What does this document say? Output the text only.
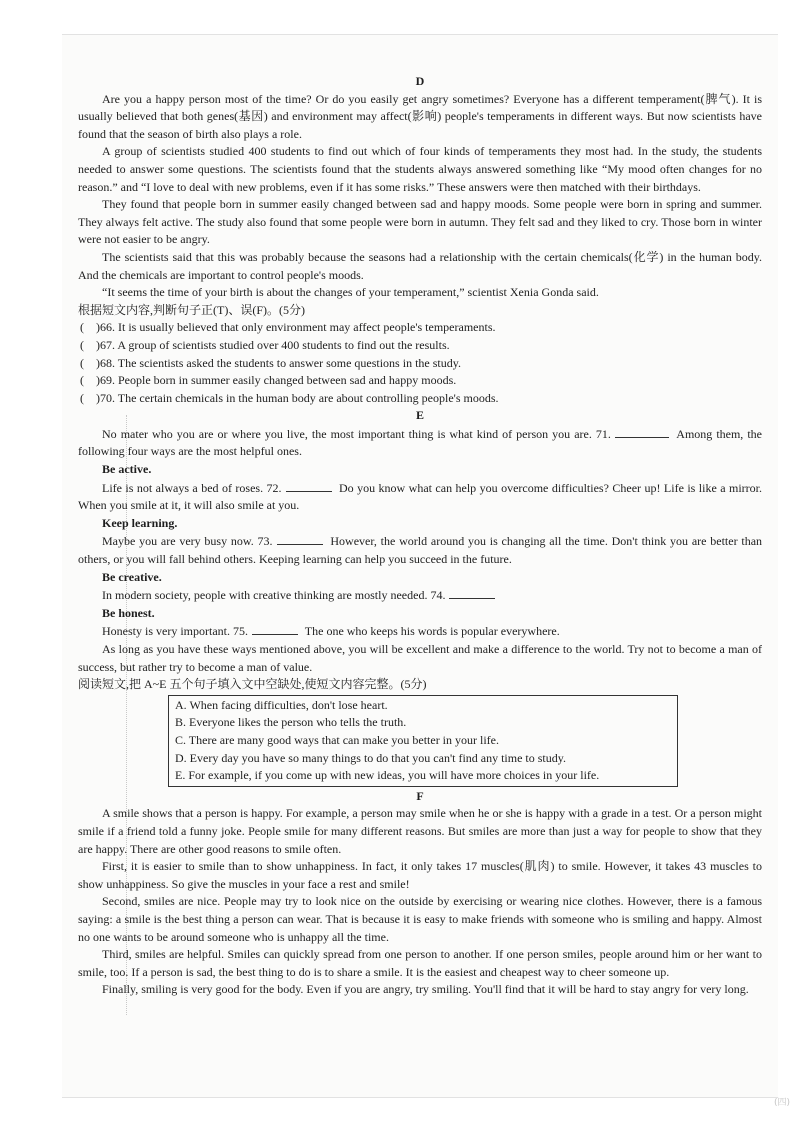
D

Are you a happy person most of the time? Or do you easily get angry sometimes? Everyone has a different temperament(脾气). It is usually believed that both genes(基因) and environment may affect(影响) people's temperaments in different ways. But now scientists have found that the season of birth also plays a role.

A group of scientists studied 400 students to find out which of four kinds of temperaments they most had. In the study, the students needed to answer some questions. The scientists found that the students always answered something like “My mood often changes for no reason.” and “I love to deal with new problems, even if it has some risks.” These answers were then matched with their birthdays.

They found that people born in summer easily changed between sad and happy moods. Some people were born in spring and summer. They always felt active. The study also found that some people were born in autumn. They felt sad and they liked to cry. Those born in winter were not easier to be angry.

The scientists said that this was probably because the seasons had a relationship with the certain chemicals(化学) in the human body. And the chemicals are important to control people's moods.

“It seems the time of your birth is about the changes of your temperament,” scientist Xenia Gonda said.

根据短文内容,判断句子正(T)、误(F)。(5分)

(　)66. It is usually believed that only environment may affect people's temperaments.

(　)67. A group of scientists studied over 400 students to find out the results.

(　)68. The scientists asked the students to answer some questions in the study.

(　)69. People born in summer easily changed between sad and happy moods.

(　)70. The certain chemicals in the human body are about controlling people's moods.

E

No mater who you are or where you live, the most important thing is what kind of person you are. 71.	Among them, the following four ways are the most helpful ones.

Be active.

Life is not always a bed of roses. 72.	Do you know what can help you overcome difficulties? Cheer up! Life is like a mirror. When you smile at it, it will also smile at you.

Keep learning.

Maybe you are very busy now. 73.	However, the world around you is changing all the time. Don't think you are better than others, or you will fall behind others. Keeping learning can help you succeed in the future.

Be creative.

In modern society, people with creative thinking are mostly needed. 74.

Be honest.

Honesty is very important. 75.	The one who keeps his words is popular everywhere.

As long as you have these ways mentioned above, you will be excellent and make a difference to the world. Try not to become a man of success, but rather try to become a man of value.

阅读短文,把 A~E 五个句子填入文中空缺处,使短文内容完整。(5分)

A. When facing difficulties, don't lose heart.

B. Everyone likes the person who tells the truth.

C. There are many good ways that can make you better in your life.

D. Every day you have so many things to do that you can't find any time to study.

E. For example, if you come up with new ideas, you will have more choices in your life.

F

A smile shows that a person is happy. For example, a person may smile when he or she is happy with a grade in a test. Or a person might smile if a friend told a funny joke. People smile for many different reasons. But smiles are more than just a way for people to show that they are happy. There are other good reasons to smile often.

First, it is easier to smile than to show unhappiness. In fact, it only takes 17 muscles(肌肉) to smile. However, it takes 43 muscles to show unhappiness. So give the muscles in your face a rest and smile!

Second, smiles are nice. People may try to look nice on the outside by exercising or wearing nice clothes. However, there is a famous saying: a smile is the best thing a person can wear. That is because it is easy to make friends with someone who is smiling and happy. Almost no one wants to be around someone who is unhappy all the time.

Third, smiles are helpful. Smiles can quickly spread from one person to another. If one person smiles, people around him or her want to smile, too. If a person is sad, the best thing to do is to share a smile. It is the easiest and cheapest way to cheer someone up.

Finally, smiling is very good for the body. Even if you are angry, try smiling. You'll find that it will be hard to stay angry for very long.

(四)
